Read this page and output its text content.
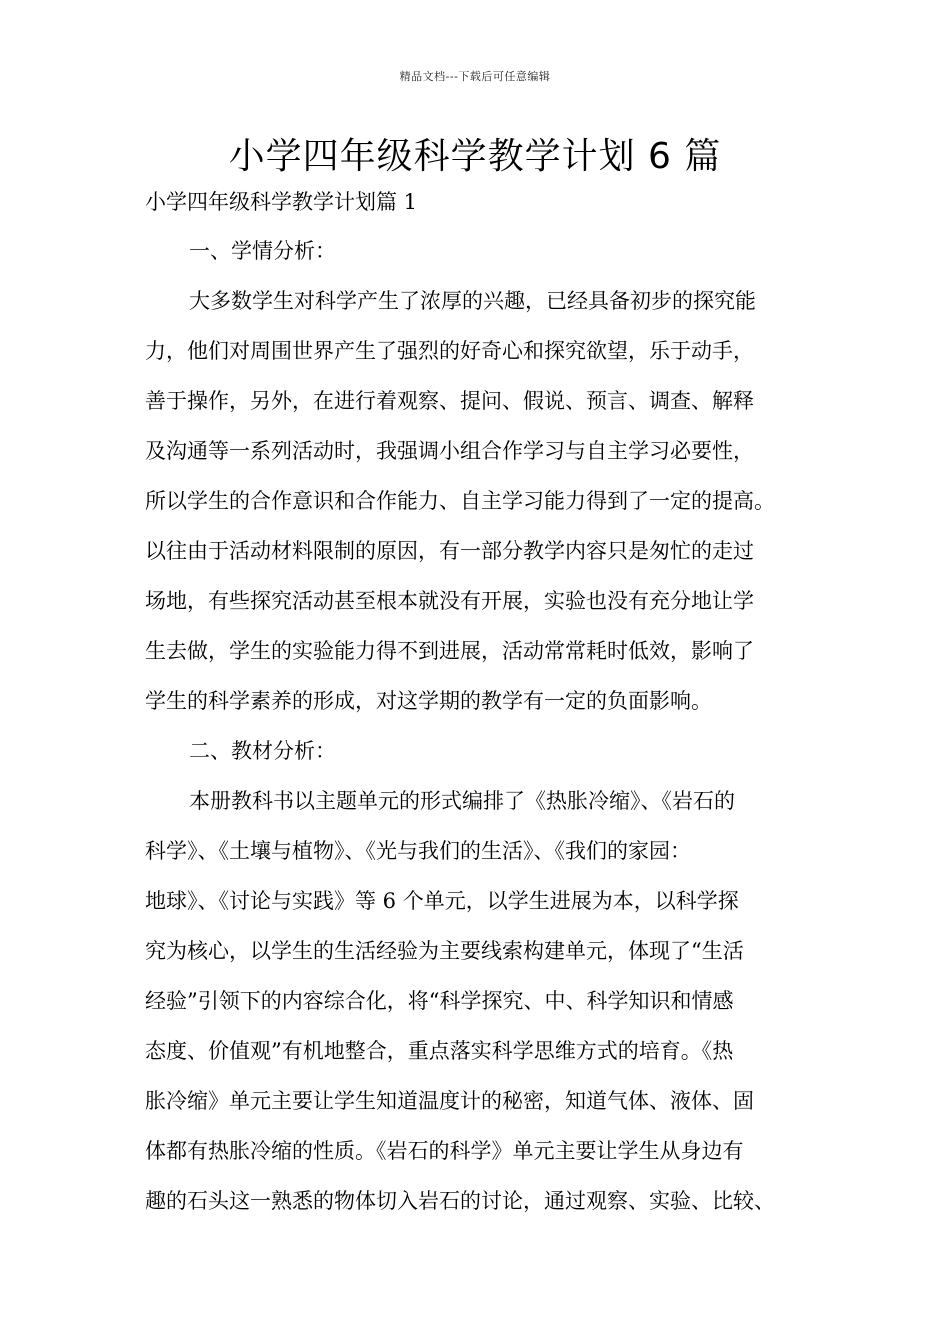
精品文档---下载后可任意编辑
小学四年级科学教学计划 6 篇
小学四年级科学教学计划篇 1
一、学情分析：
大多数学生对科学产生了浓厚的兴趣，已经具备初步的探究能
力，他们对周围世界产生了强烈的好奇心和探究欲望，乐于动手，
善于操作，另外，在进行着观察、提问、假说、预言、调查、解释
及沟通等一系列活动时，我强调小组合作学习与自主学习必要性，
所以学生的合作意识和合作能力、自主学习能力得到了一定的提高。
以往由于活动材料限制的原因，有一部分教学内容只是匆忙的走过
场地，有些探究活动甚至根本就没有开展，实验也没有充分地让学
生去做，学生的实验能力得不到进展，活动常常耗时低效，影响了
学生的科学素养的形成，对这学期的教学有一定的负面影响。
二、教材分析：
本册教科书以主题单元的形式编排了《热胀冷缩》、《岩石的
科学》、《土壤与植物》、《光与我们的生活》、《我们的家园：
地球》、《讨论与实践》等 6 个单元，以学生进展为本，以科学探
究为核心，以学生的生活经验为主要线索构建单元，体现了“生活
经验”引领下的内容综合化，将“科学探究、中、科学知识和情感
态度、价值观”有机地整合，重点落实科学思维方式的培育。《热
胀冷缩》单元主要让学生知道温度计的秘密，知道气体、液体、固
体都有热胀冷缩的性质。《岩石的科学》单元主要让学生从身边有
趣的石头这一熟悉的物体切入岩石的讨论，通过观察、实验、比较、
